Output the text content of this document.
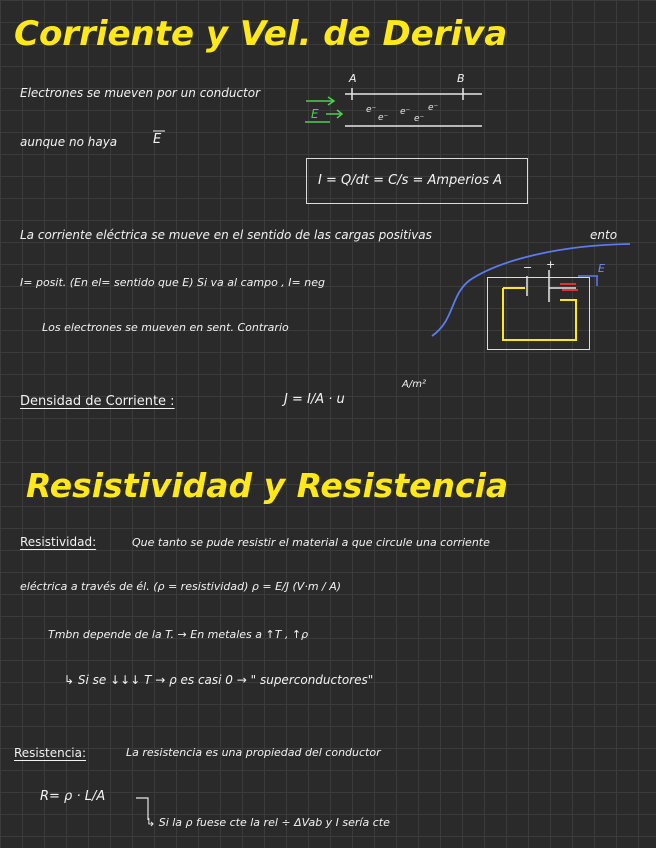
Corriente y Vel. de Deriva
Electrones se mueven por un conductor
A	B
E
aunque no haya	E
I = Q/dt = C/s = Amperios A
La corriente eléctrica se mueve en el sentido de las cargas positivas	ento
I= posit. (En el= sentido que E) Si va al campo , I= neg
Los electrones se mueven en sent. Contrario
− +	E
Densidad de Corriente :	J = I/A · u
A/m²
Resistividad y Resistencia
Resistividad:	Que tanto se pude resistir el material a que circule una corriente
eléctrica a través de él. (ρ = resistividad) ρ = E/J (V·m / A)
Tmbn depende de la T. → En metales a ↑T , ↑ρ
↳ Si se ↓↓↓ T → ρ es casi 0 → " superconductores"
Resistencia:	La resistencia es una propiedad del conductor
R= ρ · L/A
↳ Si la ρ fuese cte la rel ÷ ΔVab y I sería cte
e⁻
e⁻
e⁻
e⁻
e⁻
